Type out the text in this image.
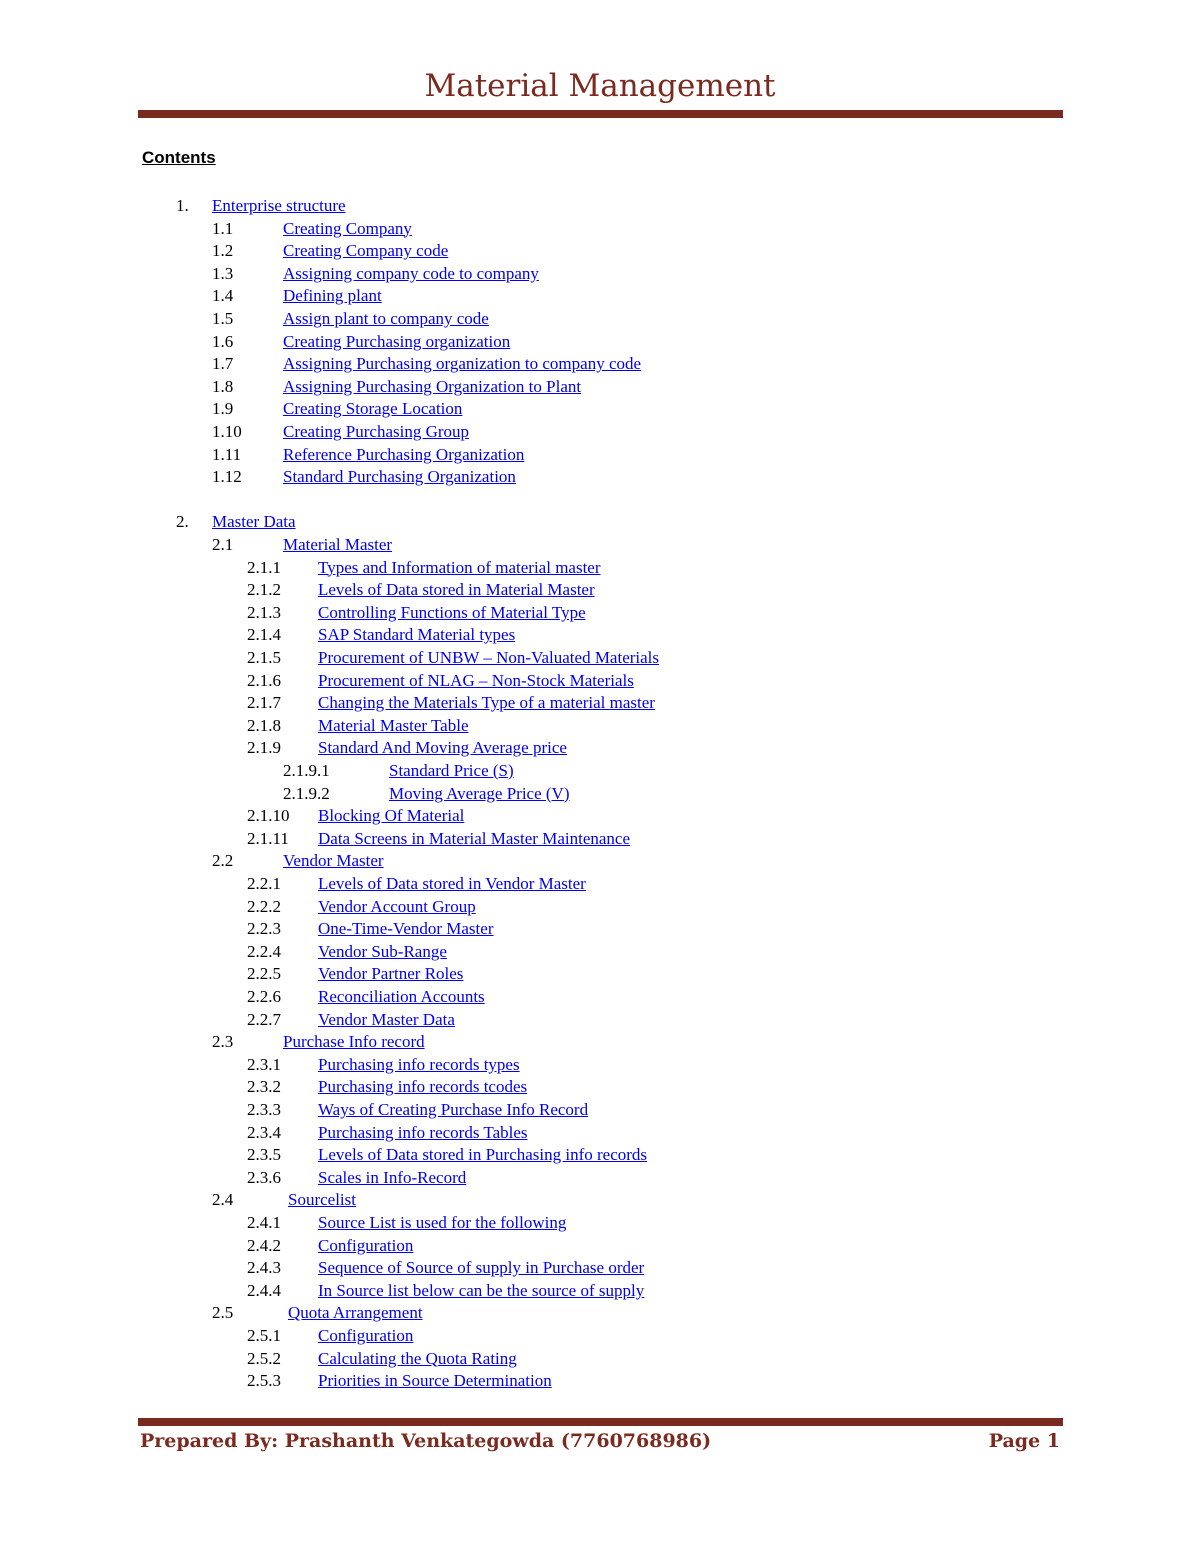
Material Management
Contents
1. Enterprise structure
1.1	Creating Company
1.2	Creating Company code
1.3	Assigning company code to company
1.4	Defining plant
1.5	Assign plant to company code
1.6	Creating Purchasing organization
1.7	Assigning Purchasing organization to company code
1.8	Assigning Purchasing Organization to Plant
1.9	Creating Storage Location
1.10 Creating Purchasing Group
1.11 Reference Purchasing Organization
1.12 Standard Purchasing Organization
2. Master Data
2.1	Material Master
2.1.1 Types and Information of material master
2.1.2 Levels of Data stored in Material Master
2.1.3 Controlling Functions of Material Type
2.1.4 SAP Standard Material types
2.1.5 Procurement of UNBW – Non-Valuated Materials
2.1.6 Procurement of NLAG – Non-Stock Materials
2.1.7 Changing the Materials Type of a material master
2.1.8 Material Master Table
2.1.9 Standard And Moving Average price
2.1.9.1	Standard Price (S)
2.1.9.2	Moving Average Price (V)
2.1.10 Blocking Of Material
2.1.11 Data Screens in Material Master Maintenance
2.2	Vendor Master
2.2.1 Levels of Data stored in Vendor Master
2.2.2 Vendor Account Group
2.2.3 One-Time-Vendor Master
2.2.4 Vendor Sub-Range
2.2.5 Vendor Partner Roles
2.2.6 Reconciliation Accounts
2.2.7 Vendor Master Data
2.3	Purchase Info record
2.3.1 Purchasing info records types
2.3.2 Purchasing info records tcodes
2.3.3 Ways of Creating Purchase Info Record
2.3.4 Purchasing info records Tables
2.3.5 Levels of Data stored in Purchasing info records
2.3.6 Scales in Info-Record
2.4	Sourcelist
2.4.1 Source List is used for the following
2.4.2 Configuration
2.4.3 Sequence of Source of supply in Purchase order
2.4.4 In Source list below can be the source of supply
2.5	Quota Arrangement
2.5.1 Configuration
2.5.2 Calculating the Quota Rating
2.5.3 Priorities in Source Determination
Prepared By: Prashanth Venkategowda (7760768986)	Page 1
